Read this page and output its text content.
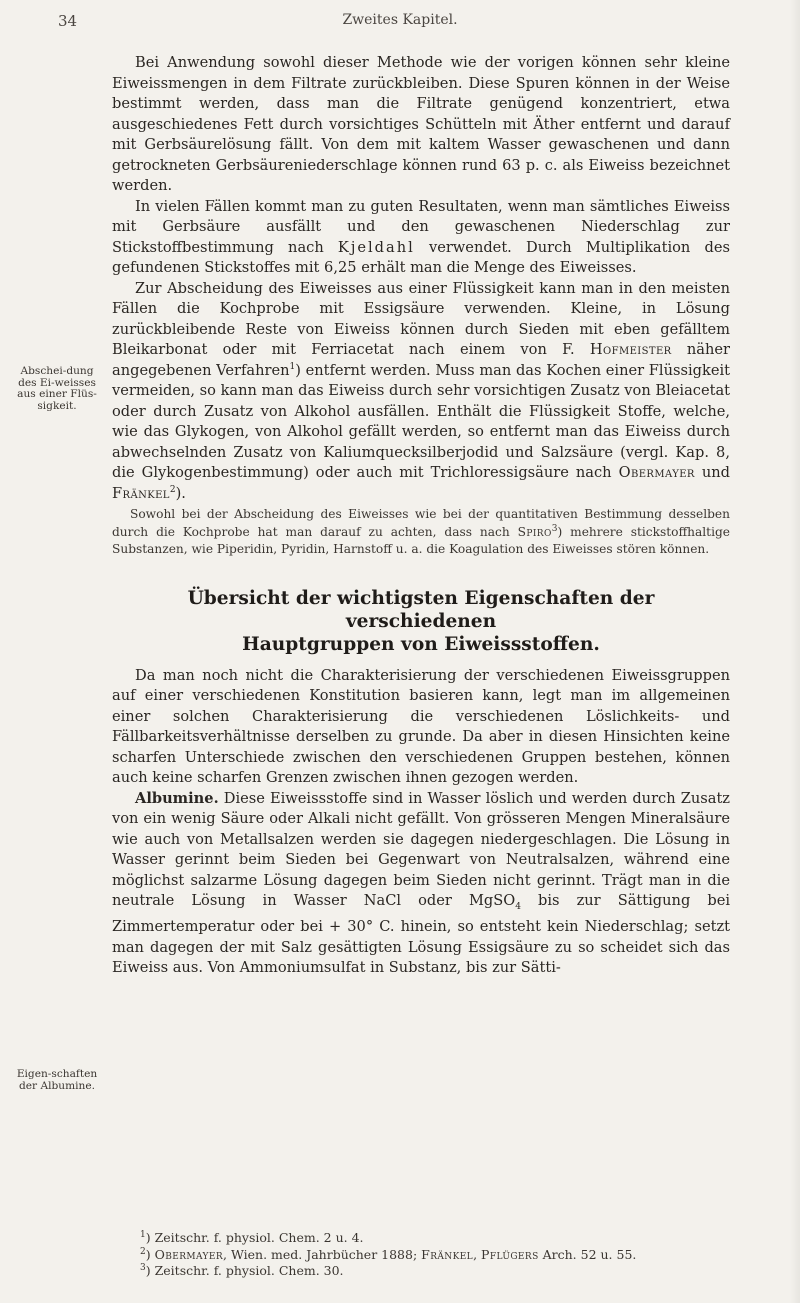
34	Zweites Kapitel.
Abschei-dung des Ei-weisses aus einer Flüs-sigkeit.
Eigen-schaften der Albumine.

Bei Anwendung sowohl dieser Methode wie der vorigen können sehr kleine Eiweissmengen in dem Filtrate zurückbleiben. Diese Spuren können in der Weise bestimmt werden, dass man die Filtrate genügend konzentriert, etwa ausgeschiedenes Fett durch vorsichtiges Schütteln mit Äther entfernt und darauf mit Gerbsäurelösung fällt. Von dem mit kaltem Wasser gewaschenen und dann getrockneten Gerbsäureniederschlage können rund 63 p. c. als Eiweiss bezeichnet werden.

In vielen Fällen kommt man zu guten Resultaten, wenn man sämtliches Eiweiss mit Gerbsäure ausfällt und den gewaschenen Niederschlag zur Stickstoffbestimmung nach Kjeldahl verwendet. Durch Multiplikation des gefundenen Stickstoffes mit 6,25 erhält man die Menge des Eiweisses.

Zur Abscheidung des Eiweisses aus einer Flüssigkeit kann man in den meisten Fällen die Kochprobe mit Essigsäure verwenden. Kleine, in Lösung zurückbleibende Reste von Eiweiss können durch Sieden mit eben gefälltem Bleikarbonat oder mit Ferriacetat nach einem von F. Hofmeister näher angegebenen Verfahren$^1$) entfernt werden. Muss man das Kochen einer Flüssigkeit vermeiden, so kann man das Eiweiss durch sehr vorsichtigen Zusatz von Bleiacetat oder durch Zusatz von Alkohol ausfällen. Enthält die Flüssigkeit Stoffe, welche, wie das Glykogen, von Alkohol gefällt werden, so entfernt man das Eiweiss durch abwechselnden Zusatz von Kaliumquecksilberjodid und Salzsäure (vergl. Kap. 8, die Glykogenbestimmung) oder auch mit Trichloressigsäure nach Obermayer und Fränkel$^2$).

Sowohl bei der Abscheidung des Eiweisses wie bei der quantitativen Bestimmung desselben durch die Kochprobe hat man darauf zu achten, dass nach Spiro$^3$) mehrere stickstoffhaltige Substanzen, wie Piperidin, Pyridin, Harnstoff u. a. die Koagulation des Eiweisses stören können.

Übersicht der wichtigsten Eigenschaften der verschiedenen
Hauptgruppen von Eiweissstoffen.

Da man noch nicht die Charakterisierung der verschiedenen Eiweissgruppen auf einer verschiedenen Konstitution basieren kann, legt man im allgemeinen einer solchen Charakterisierung die verschiedenen Löslichkeits- und Fällbarkeitsverhältnisse derselben zu grunde. Da aber in diesen Hinsichten keine scharfen Unterschiede zwischen den verschiedenen Gruppen bestehen, können auch keine scharfen Grenzen zwischen ihnen gezogen werden.

Albumine. Diese Eiweissstoffe sind in Wasser löslich und werden durch Zusatz von ein wenig Säure oder Alkali nicht gefällt. Von grösseren Mengen Mineralsäure wie auch von Metallsalzen werden sie dagegen niedergeschlagen. Die Lösung in Wasser gerinnt beim Sieden bei Gegenwart von Neutralsalzen, während eine möglichst salzarme Lösung dagegen beim Sieden nicht gerinnt. Trägt man in die neutrale Lösung in Wasser NaCl oder MgSO$_4$ bis zur Sättigung bei Zimmertemperatur oder bei + 30° C. hinein, so entsteht kein Niederschlag; setzt man dagegen der mit Salz gesättigten Lösung Essigsäure zu so scheidet sich das Eiweiss aus. Von Ammoniumsulfat in Substanz, bis zur Sätti-

$^1$) Zeitschr. f. physiol. Chem. 2 u. 4.
$^2$) Obermayer, Wien. med. Jahrbücher 1888; Fränkel, Pflügers Arch. 52 u. 55.
$^3$) Zeitschr. f. physiol. Chem. 30.
